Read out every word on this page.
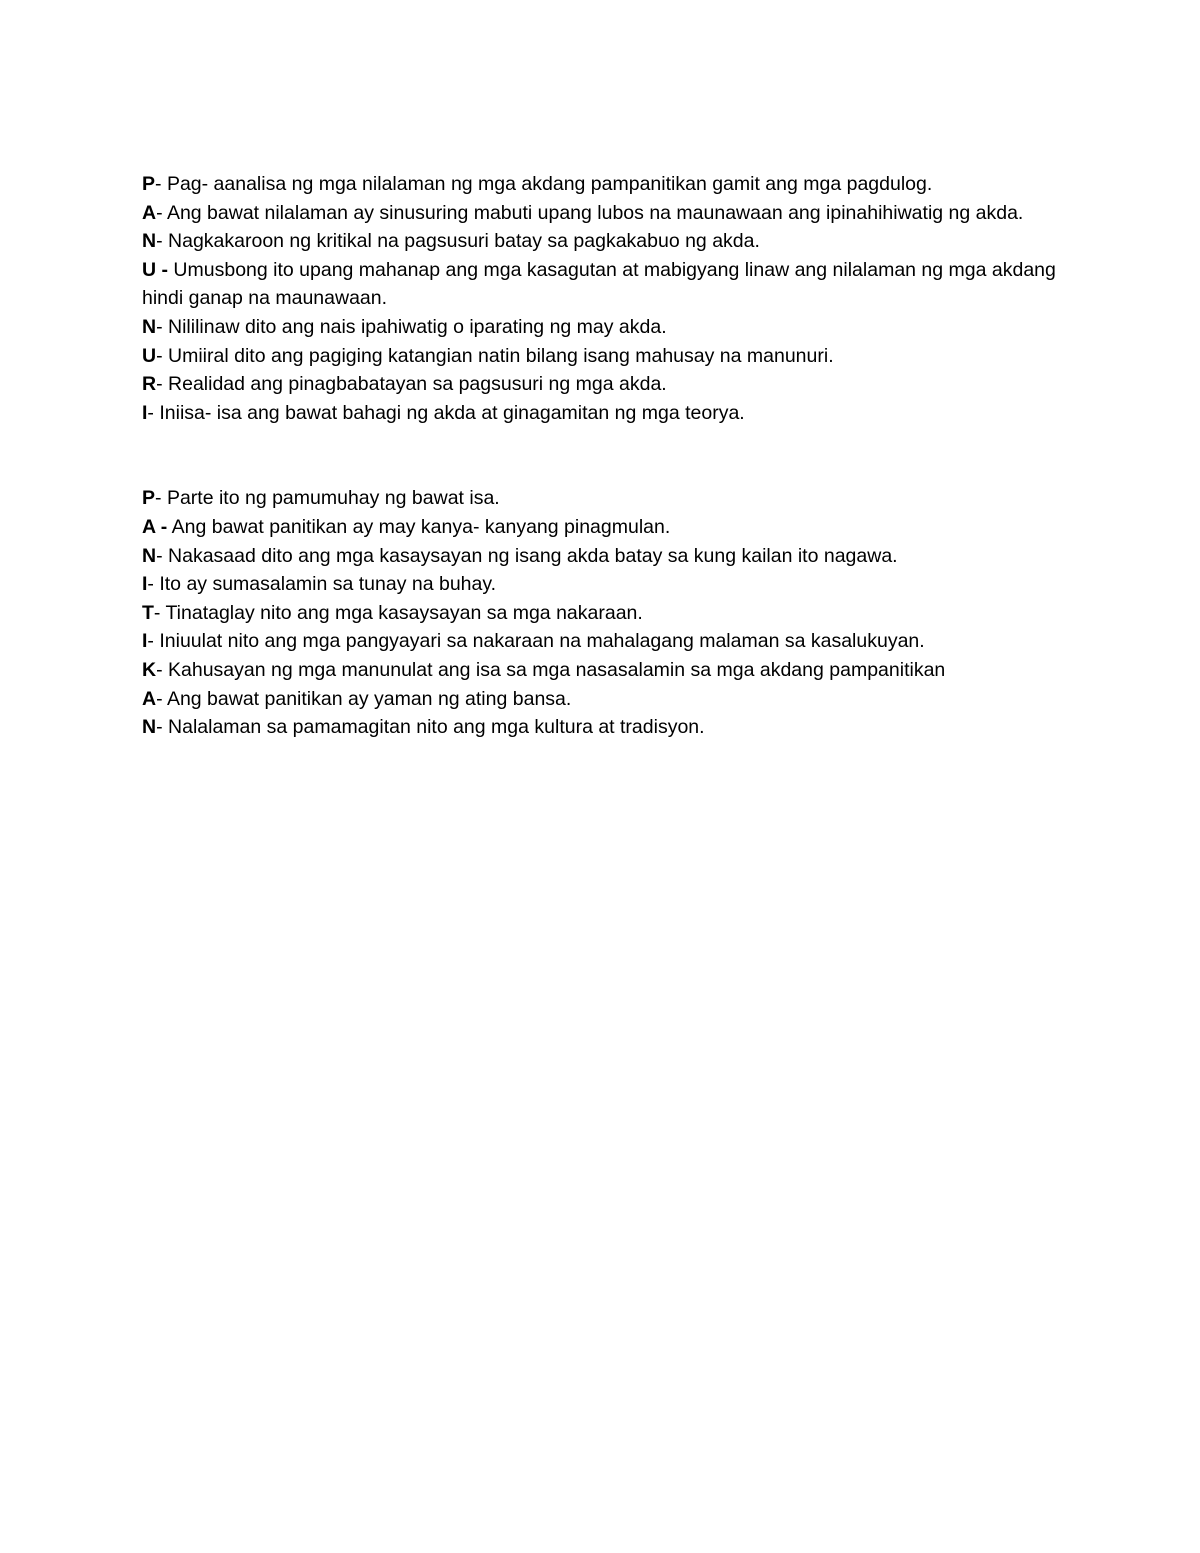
P- Pag- aanalisa ng mga nilalaman ng mga akdang pampanitikan gamit ang mga pagdulog.

A- Ang bawat nilalaman ay sinusuring mabuti upang lubos na maunawaan ang ipinahihiwatig ng akda.

N- Nagkakaroon ng kritikal na pagsusuri batay sa pagkakabuo ng akda.

U - Umusbong ito upang mahanap ang mga kasagutan at mabigyang linaw ang nilalaman ng mga akdang hindi ganap na maunawaan.

N- Nililinaw dito ang nais ipahiwatig o iparating ng may akda.

U- Umiiral dito ang pagiging katangian natin bilang isang mahusay na manunuri.

R- Realidad ang pinagbabatayan sa pagsusuri ng mga akda.

I- Iniisa- isa ang bawat bahagi ng akda at ginagamitan ng mga teorya.

P- Parte ito ng pamumuhay ng bawat isa.

A - Ang bawat panitikan ay may kanya- kanyang pinagmulan.

N- Nakasaad dito ang mga kasaysayan ng isang akda batay sa kung kailan ito nagawa.

I- Ito ay sumasalamin sa tunay na buhay.

T- Tinataglay nito ang mga kasaysayan sa mga nakaraan.

I- Iniuulat nito ang mga pangyayari sa nakaraan na mahalagang malaman sa kasalukuyan.

K- Kahusayan ng mga manunulat ang isa sa mga nasasalamin sa mga akdang pampanitikan

A- Ang bawat panitikan ay yaman ng ating bansa.

N- Nalalaman sa pamamagitan nito ang mga kultura at tradisyon.
